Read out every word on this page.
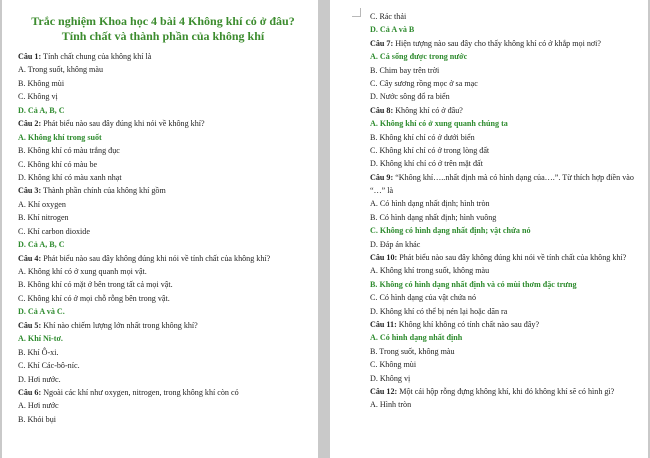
Trắc nghiệm Khoa học 4 bài 4 Không khí có ở đâu? Tính chất và thành phần của không khí
Câu 1: Tính chất chung của không khí là
A. Trong suốt, không màu
B. Không mùi
C. Không vị
D. Cả A, B, C
Câu 2: Phát biểu nào sau đây đúng khi nói về không khí?
A. Không khí trong suốt
B. Không khí có màu trắng đục
C. Không khí có màu be
D. Không khí có màu xanh nhạt
Câu 3: Thành phần chính của không khí gồm
A. Khí oxygen
B. Khí nitrogen
C. Khí carbon dioxide
D. Cả A, B, C
Câu 4: Phát biểu nào sau đây không đúng khi nói về tính chất của không khí?
A. Không khí có ở xung quanh mọi vật.
B. Không khí có mặt ở bên trong tất cả mọi vật.
C. Không khí có ở mọi chỗ rỗng bên trong vật.
D. Cả A và C.
Câu 5: Khí nào chiếm lượng lớn nhất trong không khí?
A. Khí Ni-tơ.
B. Khí Ô-xi.
C. Khí Các-bô-níc.
D. Hơi nước.
Câu 6: Ngoài các khí như oxygen, nitrogen, trong không khí còn có
A. Hơi nước
B. Khói bụi
C. Rác thải
D. Cả A và B
Câu 7: Hiện tượng nào sau đây cho thấy không khí có ở khắp mọi nơi?
A. Cá sống được trong nước
B. Chim bay trên trời
C. Cây sương rồng mọc ở sa mạc
D. Nước sông đổ ra biển
Câu 8: Không khí có ở đâu?
A. Không khí có ở xung quanh chúng ta
B. Không khí chỉ có ở dưới biển
C. Không khí chỉ có ở trong lòng đất
D. Không khí chỉ có ở trên mặt đất
Câu 9: “Không khí…..nhất định mà có hình dạng của….”. Từ thích hợp điền vào
“…” là
A. Có hình dạng nhất định; hình tròn
B. Có hình dạng nhất định; hình vuông
C. Không có hình dạng nhất định; vật chứa nó
D. Đáp án khác
Câu 10: Phát biểu nào sau đây không đúng khi nói về tính chất của không khí?
A. Không khí trong suốt, không màu
B. Không có hình dạng nhất định và có mùi thơm đặc trưng
C. Có hình dạng của vật chứa nó
D. Không khí có thể bị nén lại hoặc dãn ra
Câu 11: Không khí không có tính chất nào sau đây?
A. Có hình dạng nhất định
B. Trong suốt, không màu
C. Không mùi
D. Không vị
Câu 12: Một cái hộp rỗng đựng không khí, khi đó không khí sẽ có hình gì?
A. Hình tròn
